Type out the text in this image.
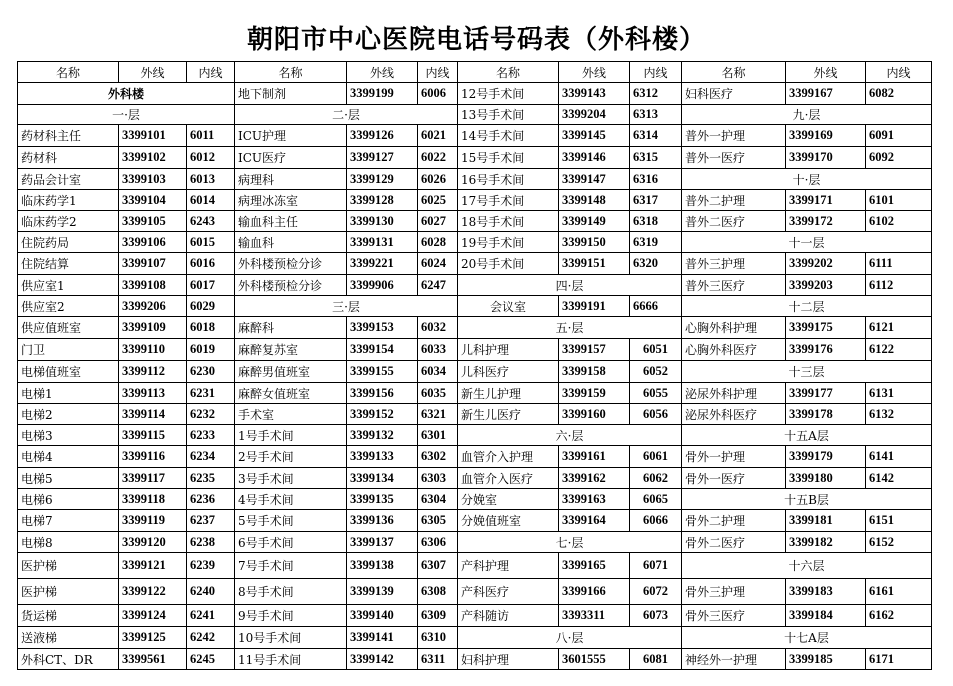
朝阳市中心医院电话号码表（外科楼）
名称	外线	内线	名称	外线	内线	名称	外线	内线	名称	外线	内线
外科楼			地下制剂	3399199	6006	12号手术间	3399143	6312	妇科医疗	3399167	6082
一·层			二·层			13号手术间	3399204	6313	九·层		
药材科主任	3399101	6011	ICU护理	3399126	6021	14号手术间	3399145	6314	普外一护理	3399169	6091
药材科	3399102	6012	ICU医疗	3399127	6022	15号手术间	3399146	6315	普外一医疗	3399170	6092
药品会计室	3399103	6013	病理科	3399129	6026	16号手术间	3399147	6316	十·层		
临床药学1	3399104	6014	病理冰冻室	3399128	6025	17号手术间	3399148	6317	普外二护理	3399171	6101
临床药学2	3399105	6243	输血科主任	3399130	6027	18号手术间	3399149	6318	普外二医疗	3399172	6102
住院药局	3399106	6015	输血科	3399131	6028	19号手术间	3399150	6319	十一层		
住院结算	3399107	6016	外科楼预检分诊	3399221	6024	20号手术间	3399151	6320	普外三护理	3399202	6111
供应室1	3399108	6017	外科楼预检分诊	3399906	6247	四·层			普外三医疗	3399203	6112
供应室2	3399206	6029	三·层			会议室	3399191	6666	十二层		
供应值班室	3399109	6018	麻醉科	3399153	6032	五·层			心胸外科护理	3399175	6121
门卫	3399110	6019	麻醉复苏室	3399154	6033	儿科护理	3399157	6051	心胸外科医疗	3399176	6122
电梯值班室	3399112	6230	麻醉男值班室	3399155	6034	儿科医疗	3399158	6052	十三层		
电梯1	3399113	6231	麻醉女值班室	3399156	6035	新生儿护理	3399159	6055	泌尿外科护理	3399177	6131
电梯2	3399114	6232	手术室	3399152	6321	新生儿医疗	3399160	6056	泌尿外科医疗	3399178	6132
电梯3	3399115	6233	1号手术间	3399132	6301	六·层			十五A层		
电梯4	3399116	6234	2号手术间	3399133	6302	血管介入护理	3399161	6061	骨外一护理	3399179	6141
电梯5	3399117	6235	3号手术间	3399134	6303	血管介入医疗	3399162	6062	骨外一医疗	3399180	6142
电梯6	3399118	6236	4号手术间	3399135	6304	分娩室	3399163	6065	十五B层		
电梯7	3399119	6237	5号手术间	3399136	6305	分娩值班室	3399164	6066	骨外二护理	3399181	6151
电梯8	3399120	6238	6号手术间	3399137	6306	七·层			骨外二医疗	3399182	6152
医护梯	3399121	6239	7号手术间	3399138	6307	产科护理	3399165	6071	十六层		
医护梯	3399122	6240	8号手术间	3399139	6308	产科医疗	3399166	6072	骨外三护理	3399183	6161
货运梯	3399124	6241	9号手术间	3399140	6309	产科随访	3393311	6073	骨外三医疗	3399184	6162
送液梯	3399125	6242	10号手术间	3399141	6310	八·层			十七A层		
外科CT、DR	3399561	6245	11号手术间	3399142	6311	妇科护理	3601555	6081	神经外一护理	3399185	6171
